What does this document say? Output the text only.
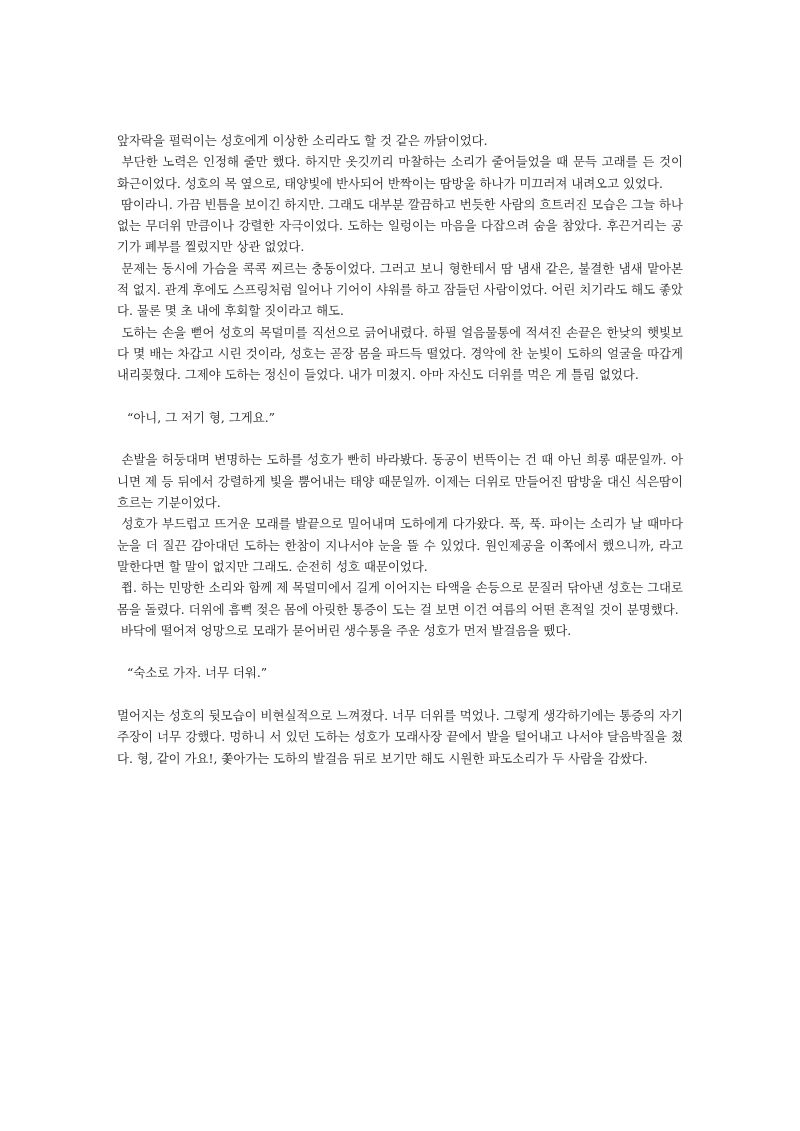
앞자락을 펄럭이는 성호에게 이상한 소리라도 할 것 같은 까닭이었다.

부단한 노력은 인정해 줄만 했다. 하지만 옷깃끼리 마찰하는 소리가 줄어들었을 때 문득 고래를 든 것이 화근이었다. 성호의 목 옆으로, 태양빛에 반사되어 반짝이는 땀방울 하나가 미끄러져 내려오고 있었다.

땀이라니. 가끔 빈틈을 보이긴 하지만. 그래도 대부분 깔끔하고 번듯한 사람의 흐트러진 모습은 그늘 하나 없는 무더위 만큼이나 강렬한 자극이었다. 도하는 일렁이는 마음을 다잡으려 숨을 참았다. 후끈거리는 공기가 폐부를 찔렀지만 상관 없었다.

문제는 동시에 가슴을 콕콕 찌르는 충동이었다. 그러고 보니 형한테서 땀 냄새 같은, 불결한 냄새 맡아본 적 없지. 관계 후에도 스프링처럼 일어나 기어이 샤워를 하고 잠들던 사람이었다. 어린 치기라도 해도 좋았다. 물론 몇 초 내에 후회할 짓이라고 해도.

도하는 손을 뻗어 성호의 목덜미를 직선으로 긁어내렸다. 하필 얼음물통에 적셔진 손끝은 한낮의 햇빛보다 몇 배는 차갑고 시린 것이라, 성호는 곧장 몸을 파드득 떨었다. 경악에 찬 눈빛이 도하의 얼굴을 따갑게 내리꽂혔다. 그제야 도하는 정신이 들었다. 내가 미쳤지. 아마 자신도 더위를 먹은 게 틀림 없었다.

“아니, 그 저기 형, 그게요.”

손발을 허둥대며 변명하는 도하를 성호가 빤히 바라봤다. 동공이 번뜩이는 건 때 아닌 희롱 때문일까. 아니면 제 등 뒤에서 강렬하게 빛을 뿜어내는 태양 때문일까. 이제는 더위로 만들어진 땀방울 대신 식은땀이 흐르는 기분이었다.

성호가 부드럽고 뜨거운 모래를 발끝으로 밀어내며 도하에게 다가왔다. 푹, 푹. 파이는 소리가 날 때마다 눈을 더 질끈 감아대던 도하는 한참이 지나서야 눈을 뜰 수 있었다. 원인제공을 이쪽에서 했으니까, 라고 말한다면 할 말이 없지만 그래도. 순전히 성호 때문이었다.

쮭. 하는 민망한 소리와 함께 제 목덜미에서 길게 이어지는 타액을 손등으로 문질러 닦아낸 성호는 그대로 몸을 돌렸다. 더위에 흠뻑 젖은 몸에 아릿한 통증이 도는 걸 보면 이건 여름의 어떤 흔적일 것이 분명했다.

바닥에 떨어져 엉망으로 모래가 묻어버린 생수통을 주운 성호가 먼저 발걸음을 뗐다.

“숙소로 가자. 너무 더워.”

멀어지는 성호의 뒷모습이 비현실적으로 느껴졌다. 너무 더위를 먹었나. 그렇게 생각하기에는 통증의 자기주장이 너무 강했다. 멍하니 서 있던 도하는 성호가 모래사장 끝에서 발을 털어내고 나서야 달음박질을 쳤다. 형, 같이 가요!, 쫓아가는 도하의 발걸음 뒤로 보기만 해도 시원한 파도소리가 두 사람을 감쌌다.
